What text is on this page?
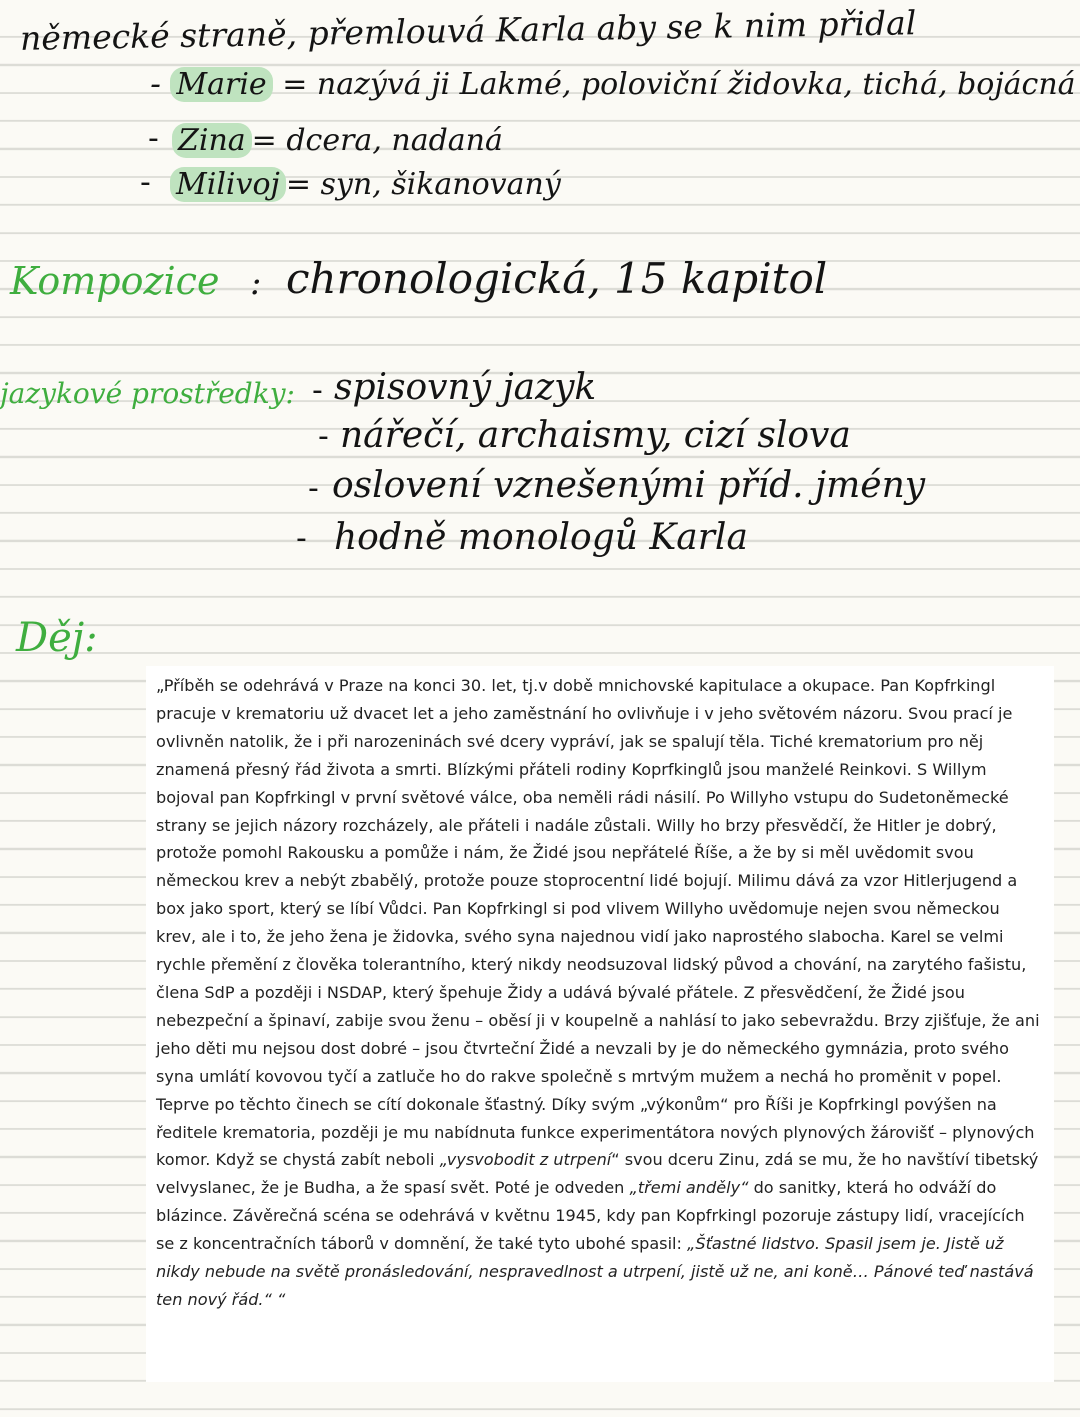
německé straně, přemlouvá Karla aby se k nim přidal
- Marie = nazývá ji Lakmé, poloviční židovka, tichá, bojácná
- Zina = dcera, nadaná
- Milivoj = syn, šikanovaný
Kompozice : chronologická, 15 kapitol
jazykové prostředky: - spisovný jazyk
- nářečí, archaismy, cizí slova
- oslovení vznešenými příd. jmény
- hodně monologů Karla
Děj:

„Příběh se odehrává v Praze na konci 30. let, tj.v době mnichovské kapitulace a okupace. Pan Kopfrkingl pracuje v krematoriu už dvacet let a jeho zaměstnání ho ovlivňuje i v jeho světovém názoru. Svou prací je ovlivněn natolik, že i při narozeninách své dcery vypráví, jak se spalují těla. Tiché krematorium pro něj znamená přesný řád života a smrti. Blízkými přáteli rodiny Koprfkinglů jsou manželé Reinkovi. S Willym bojoval pan Kopfrkingl v první světové válce, oba neměli rádi násilí. Po Willyho vstupu do Sudetoněmecké strany se jejich názory rozcházely, ale přáteli i nadále zůstali. Willy ho brzy přesvědčí, že Hitler je dobrý, protože pomohl Rakousku a pomůže i nám, že Židé jsou nepřátelé Říše, a že by si měl uvědomit svou německou krev a nebýt zbabělý, protože pouze stoprocentní lidé bojují. Milimu dává za vzor Hitlerjugend a box jako sport, který se líbí Vůdci. Pan Kopfrkingl si pod vlivem Willyho uvědomuje nejen svou německou krev, ale i to, že jeho žena je židovka, svého syna najednou vidí jako naprostého slabocha. Karel se velmi rychle přemění z člověka tolerantního, který nikdy neodsuzoval lidský původ a chování, na zarytého fašistu, člena SdP a později i NSDAP, který špehuje Židy a udává bývalé přátele. Z přesvědčení, že Židé jsou nebezpeční a špinaví, zabije svou ženu – oběsí ji v koupelně a nahlásí to jako sebevraždu. Brzy zjišťuje, že ani jeho děti mu nejsou dost dobré – jsou čtvrteční Židé a nevzali by je do německého gymnázia, proto svého syna umlátí kovovou tyčí a zatluče ho do rakve společně s mrtvým mužem a nechá ho proměnit v popel. Teprve po těchto činech se cítí dokonale šťastný. Díky svým „výkonům“ pro Říši je Kopfrkingl povýšen na ředitele krematoria, později je mu nabídnuta funkce experimentátora nových plynových žárovišť – plynových komor. Když se chystá zabít neboli „vysvobodit z utrpení“ svou dceru Zinu, zdá se mu, že ho navštíví tibetský velvyslanec, že je Budha, a že spasí svět. Poté je odveden „třemi anděly“ do sanitky, která ho odváží do blázince. Závěrečná scéna se odehrává v květnu 1945, kdy pan Kopfrkingl pozoruje zástupy lidí, vracejících se z koncentračních táborů v domnění, že také tyto ubohé spasil: „Šťastné lidstvo. Spasil jsem je. Jistě už nikdy nebude na světě pronásledování, nespravedlnost a utrpení, jistě už ne, ani koně… Pánové teď nastává ten nový řád.“ “
